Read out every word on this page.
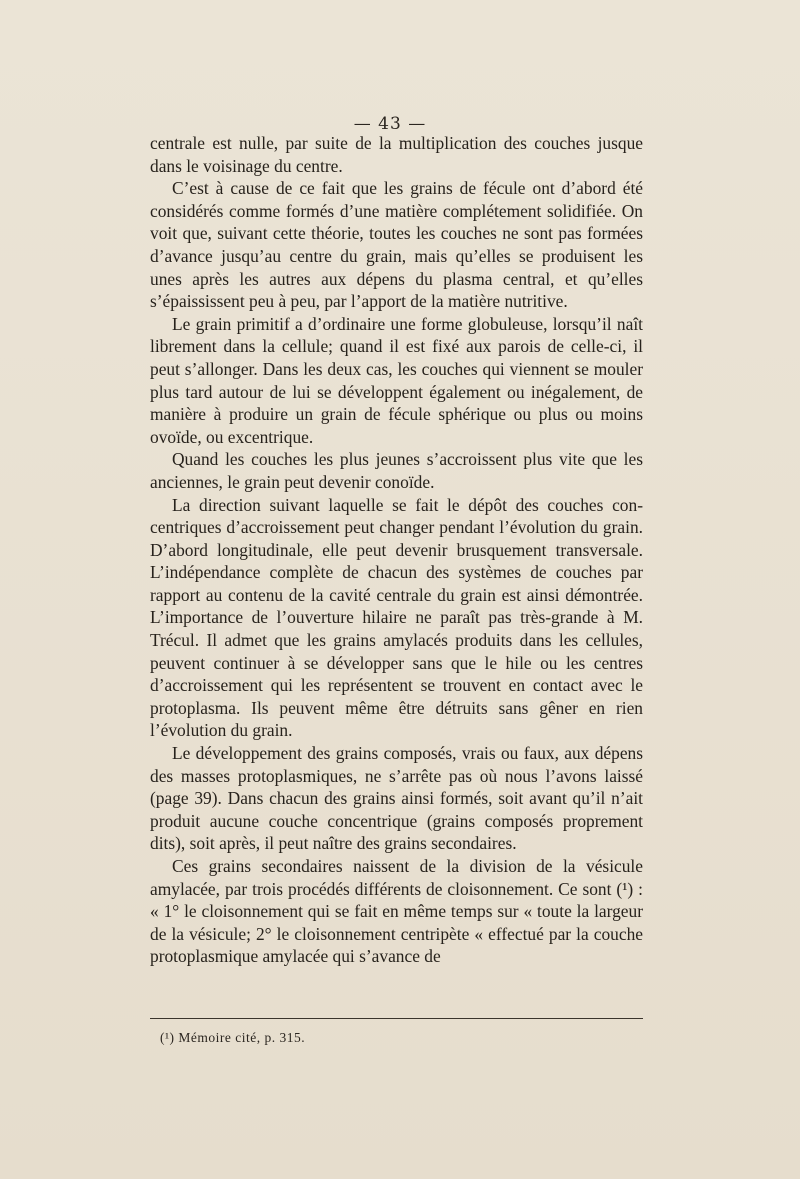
— 43 —

centrale est nulle, par suite de la multiplication des couches jusque dans le voisinage du centre.

C’est à cause de ce fait que les grains de fécule ont d’abord été considérés comme formés d’une matière complétement solidifiée. On voit que, suivant cette théorie, toutes les couches ne sont pas formées d’avance jusqu’au centre du grain, mais qu’elles se produisent les unes après les autres aux dépens du plasma central, et qu’elles s’épaississent peu à peu, par l’apport de la matière nutritive.

Le grain primitif a d’ordinaire une forme globuleuse, lorsqu’il naît librement dans la cellule; quand il est fixé aux parois de celle-ci, il peut s’allonger. Dans les deux cas, les couches qui viennent se mouler plus tard autour de lui se développent également ou inégalement, de manière à produire un grain de fécule sphérique ou plus ou moins ovoïde, ou excentrique.

Quand les couches les plus jeunes s’accroissent plus vite que les anciennes, le grain peut devenir conoïde.

La direction suivant laquelle se fait le dépôt des couches concentriques d’accroissement peut changer pendant l’évolution du grain. D’abord longitudinale, elle peut devenir brusquement transversale. L’indépendance complète de chacun des systèmes de couches par rapport au contenu de la cavité centrale du grain est ainsi démontrée. L’importance de l’ouverture hilaire ne paraît pas très-grande à M. Trécul. Il admet que les grains amylacés produits dans les cellules, peuvent continuer à se développer sans que le hile ou les centres d’accroissement qui les représentent se trouvent en contact avec le protoplasma. Ils peuvent même être détruits sans gêner en rien l’évolution du grain.

Le développement des grains composés, vrais ou faux, aux dépens des masses protoplasmiques, ne s’arrête pas où nous l’avons laissé (page 39). Dans chacun des grains ainsi formés, soit avant qu’il n’ait produit aucune couche concentrique (grains composés proprement dits), soit après, il peut naître des grains secondaires.

Ces grains secondaires naissent de la division de la vésicule amylacée, par trois procédés différents de cloisonnement. Ce sont (¹) : « 1° le cloisonnement qui se fait en même temps sur « toute la largeur de la vésicule; 2° le cloisonnement centripète « effectué par la couche protoplasmique amylacée qui s’avance de

(¹) Mémoire cité, p. 315.
